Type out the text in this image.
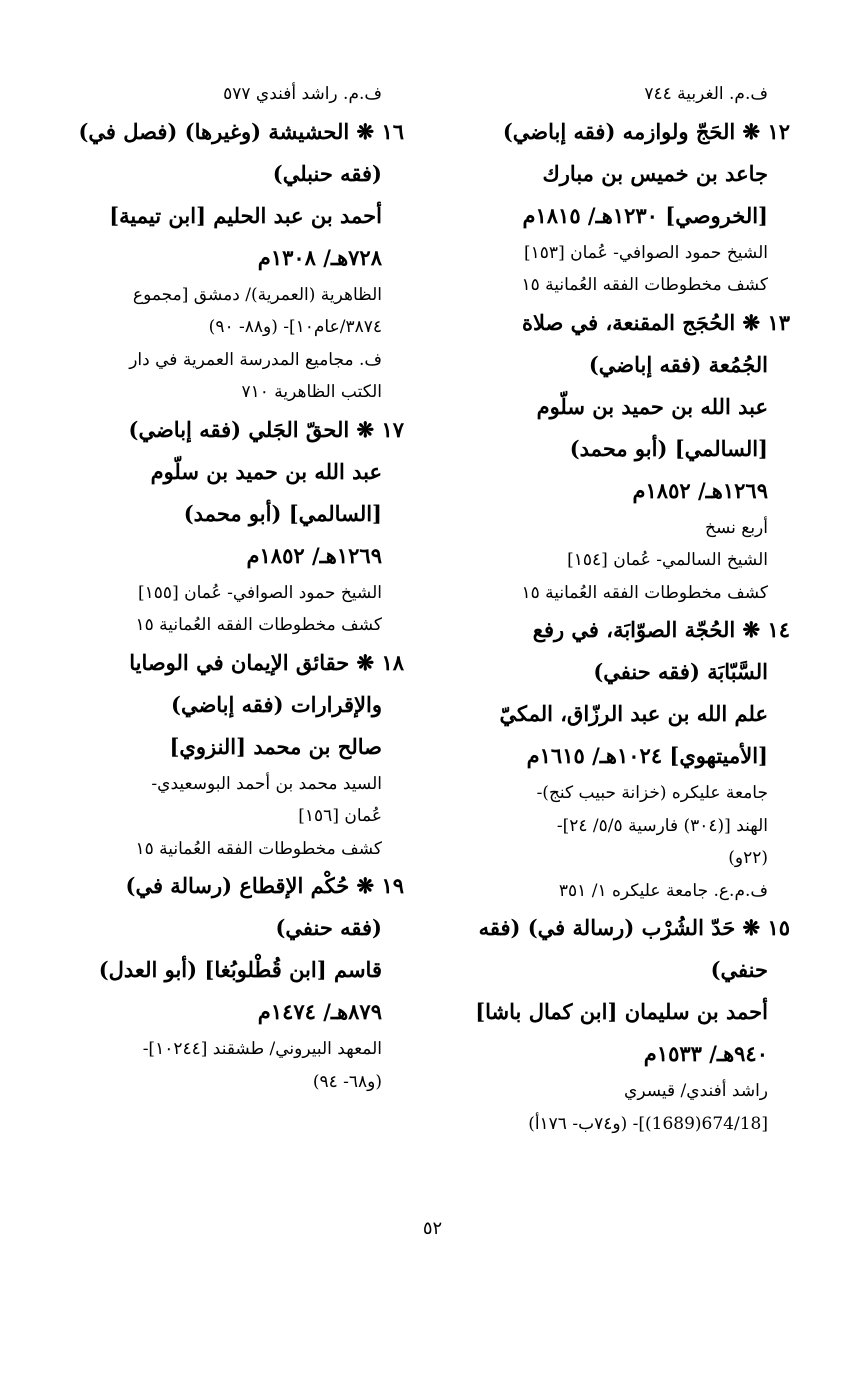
ف.م. الغربية ٧٤٤
١٢ ❋ الحَجّ ولوازمه (فقه إباضي)
جاعد بن خميس بن مبارك
[الخروصي] ١٢٣٠هـ/ ١٨١٥م
الشيخ حمود الصوافي- عُمان [١٥٣]
كشف مخطوطات الفقه العُمانية ١٥
١٣ ❋ الحُجَج المقنعة، في صلاة
الجُمُعة (فقه إباضي)
عبد الله بن حميد بن سلّوم
[السالمي] (أبو محمد)
١٢٦٩هـ/ ١٨٥٢م
أربع نسخ
الشيخ السالمي- عُمان [١٥٤]
كشف مخطوطات الفقه العُمانية ١٥
١٤ ❋ الحُجّة الصوّابَة، في رفع
السَّبّابَة (فقه حنفي)
علم الله بن عبد الرزّاق، المكيّ
[الأميتهوي] ١٠٢٤هـ/ ١٦١٥م
جامعة عليكره (خزانة حبيب كنج)-
الهند [(٣٠٤) فارسية ٥/٥/ ٢٤]-
(٢٢و)
ف.م.ع. جامعة عليكره ١/ ٣٥١
١٥ ❋ حَدّ الشُرْب (رسالة في) (فقه
حنفي)
أحمد بن سليمان [ابن كمال باشا]
٩٤٠هـ/ ١٥٣٣م
راشد أفندي/ قيسري
[674/18(1689)]- (و٧٤ب- ١٧٦أ)
ف.م. راشد أفندي ٥٧٧
١٦ ❋ الحشيشة (وغيرها) (فصل في)
(فقه حنبلي)
أحمد بن عبد الحليم [ابن تيمية]
٧٢٨هـ/ ١٣٠٨م
الظاهرية (العمرية)/ دمشق [مجموع
٣٨٧٤/عام١٠]- (و٨٨- ٩٠)
ف. مجاميع المدرسة العمرية في دار
الكتب الظاهرية ٧١٠
١٧ ❋ الحقّ الجَلي (فقه إباضي)
عبد الله بن حميد بن سلّوم
[السالمي] (أبو محمد)
١٢٦٩هـ/ ١٨٥٢م
الشيخ حمود الصوافي- عُمان [١٥٥]
كشف مخطوطات الفقه العُمانية ١٥
١٨ ❋ حقائق الإيمان في الوصايا
والإقرارات (فقه إباضي)
صالح بن محمد [النزوي]
السيد محمد بن أحمد البوسعيدي-
عُمان [١٥٦]
كشف مخطوطات الفقه العُمانية ١٥
١٩ ❋ حُكْم الإقطاع (رسالة في)
(فقه حنفي)
قاسم [ابن قُطْلوبُغا] (أبو العدل)
٨٧٩هـ/ ١٤٧٤م
المعهد البيروني/ طشقند [١٠٢٤٤]-
(و٦٨- ٩٤)
٥٢
